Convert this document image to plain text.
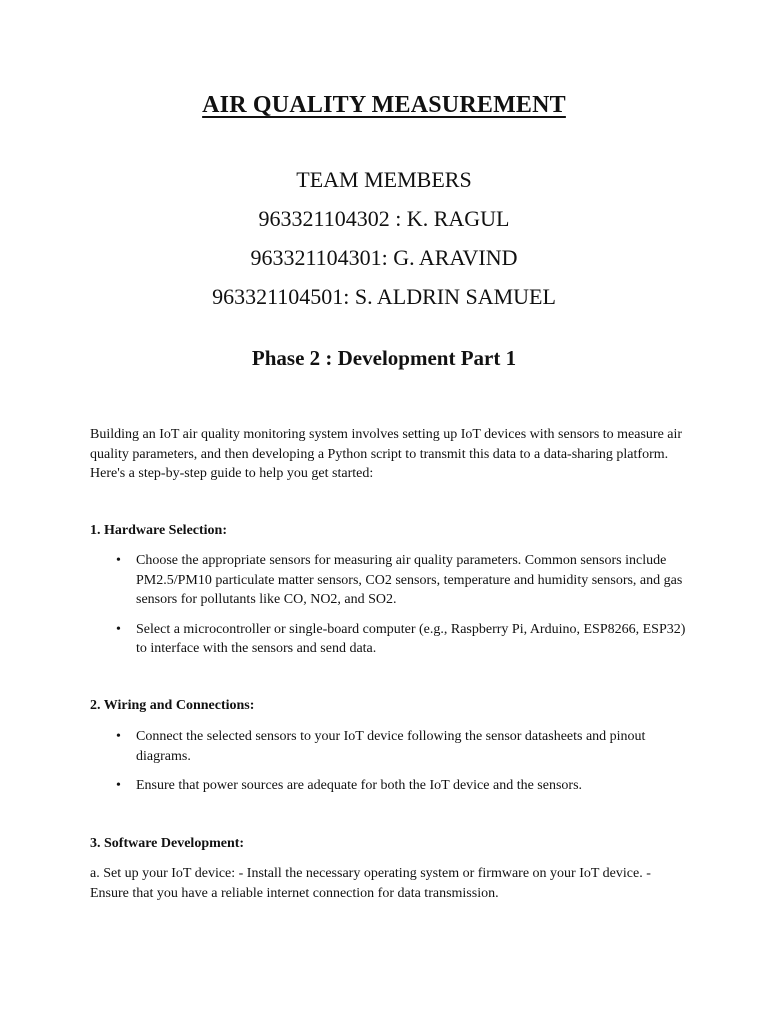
AIR QUALITY MEASUREMENT
TEAM MEMBERS
963321104302 : K. RAGUL
963321104301: G. ARAVIND
963321104501: S. ALDRIN SAMUEL
Phase 2 : Development Part 1
Building an IoT air quality monitoring system involves setting up IoT devices with sensors to measure air quality parameters, and then developing a Python script to transmit this data to a data-sharing platform. Here's a step-by-step guide to help you get started:
1. Hardware Selection:
• Choose the appropriate sensors for measuring air quality parameters. Common sensors include PM2.5/PM10 particulate matter sensors, CO2 sensors, temperature and humidity sensors, and gas sensors for pollutants like CO, NO2, and SO2.
• Select a microcontroller or single-board computer (e.g., Raspberry Pi, Arduino, ESP8266, ESP32) to interface with the sensors and send data.
2. Wiring and Connections:
• Connect the selected sensors to your IoT device following the sensor datasheets and pinout diagrams.
• Ensure that power sources are adequate for both the IoT device and the sensors.
3. Software Development:
a. Set up your IoT device: - Install the necessary operating system or firmware on your IoT device. - Ensure that you have a reliable internet connection for data transmission.
